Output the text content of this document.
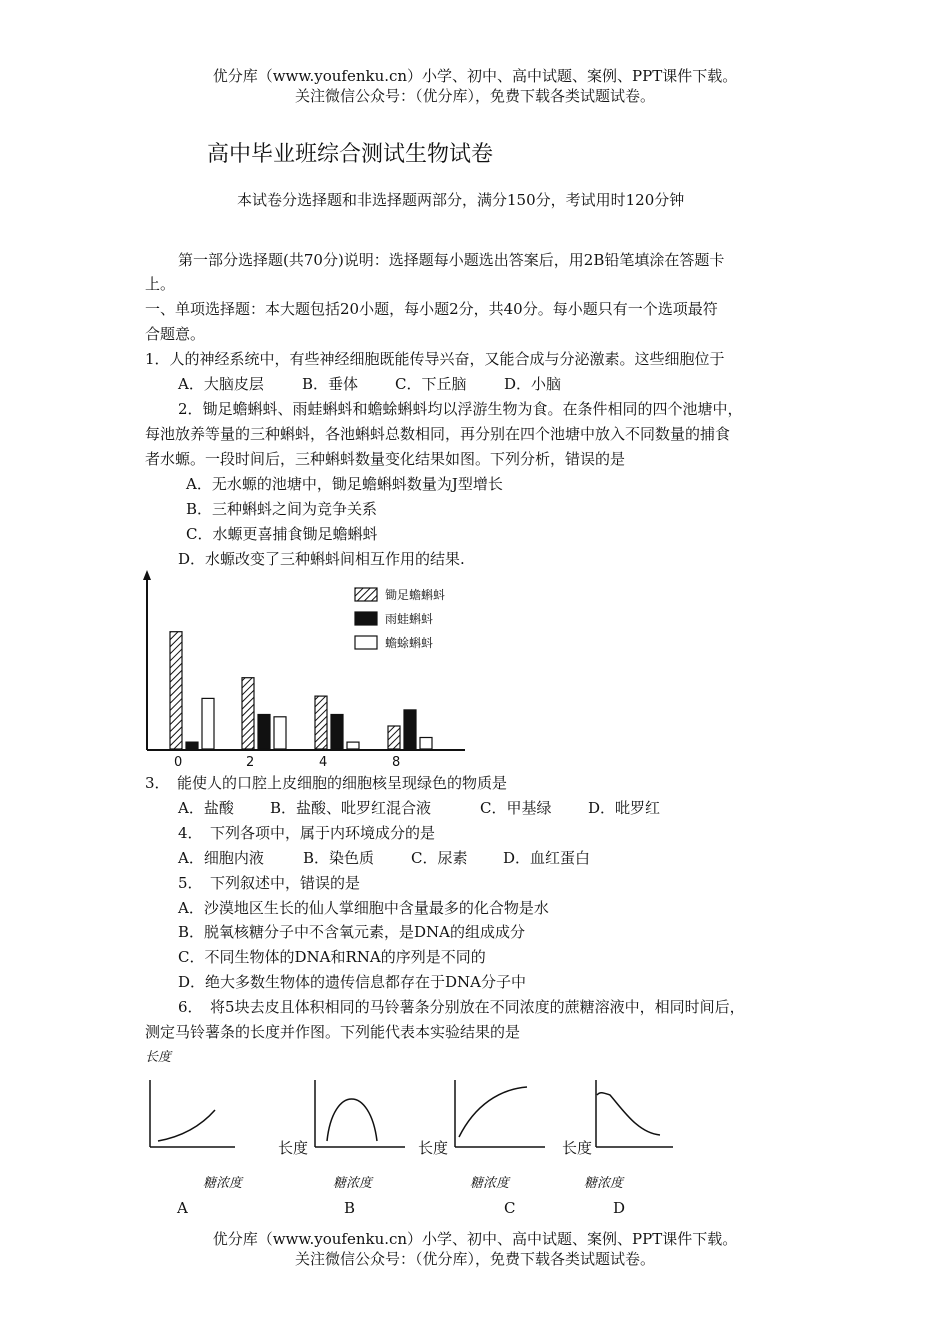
优分库（www.youfenku.cn）小学、初中、高中试题、案例、PPT课件下载。
关注微信公众号：（优分库），免费下载各类试题试卷。
高中毕业班综合测试生物试卷
本试卷分选择题和非选择题两部分，满分150分，考试用时120分钟
第一部分选择题(共70分)说明：选择题每小题选出答案后，用2B铅笔填涂在答题卡
上。
一、单项选择题：本大题包括20小题，每小题2分，共40分。每小题只有一个选项最符
合题意。
1．人的神经系统中，有些神经细胞既能传导兴奋，又能合成与分泌激素。这些细胞位于
A．大脑皮层	B．垂体 C．下丘脑	D．小脑
2．锄足蟾蝌蚪、雨蛙蝌蚪和蟾蜍蝌蚪均以浮游生物为食。在条件相同的四个池塘中，
每池放养等量的三种蝌蚪，各池蝌蚪总数相同，再分别在四个池塘中放入不同数量的捕食
者水螈。一段时间后，三种蝌蚪数量变化结果如图。下列分析，错误的是
A．无水螈的池塘中，锄足蟾蝌蚪数量为J型增长
B．三种蝌蚪之间为竞争关系
C．水螈更喜捕食锄足蟾蝌蚪
D．水螈改变了三种蝌蚪间相互作用的结果.
0	2	4	8
锄足蟾蝌蚪
雨蛙蝌蚪
蟾蜍蝌蚪
3．　能使人的口腔上皮细胞的细胞核呈现绿色的物质是
A．盐酸 B．盐酸、吡罗红混合液	C．甲基绿 D．吡罗红
4．　下列各项中，属于内环境成分的是
A．细胞内液	B．染色质 C．尿素 D．血红蛋白
5．　下列叙述中，错误的是
A．沙漠地区生长的仙人掌细胞中含量最多的化合物是水
B．脱氧核糖分子中不含氧元素，是DNA的组成成分
C．不同生物体的DNA和RNA的序列是不同的
D．绝大多数生物体的遗传信息都存在于DNA分子中
6．　将5块去皮且体积相同的马铃薯条分别放在不同浓度的蔗糖溶液中，相同时间后，
测定马铃薯条的长度并作图。下列能代表本实验结果的是
长度
长度	长度	长度
糖浓度	糖浓度	糖浓度	糖浓度
A	B	C	D
优分库（www.youfenku.cn）小学、初中、高中试题、案例、PPT课件下载。
关注微信公众号：（优分库），免费下载各类试题试卷。
